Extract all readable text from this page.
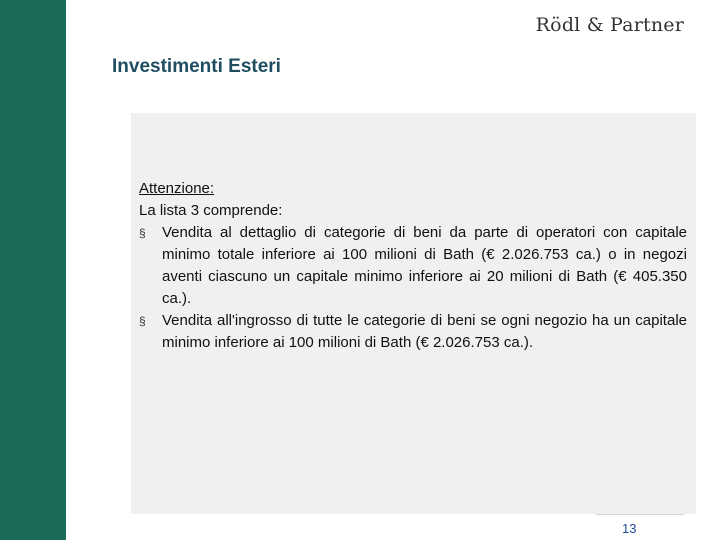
Rödl & Partner
Investimenti Esteri
Attenzione:
La lista 3 comprende:
§	Vendita al dettaglio di categorie di beni da parte di operatori con capitale minimo totale inferiore ai 100 milioni di Bath (€ 2.026.753 ca.) o in negozi aventi ciascuno un capitale minimo inferiore ai 20 milioni di Bath (€ 405.350 ca.).
§	Vendita all'ingrosso di tutte le categorie di beni se ogni negozio ha un capitale minimo inferiore ai 100 milioni di Bath (€ 2.026.753 ca.).
13
